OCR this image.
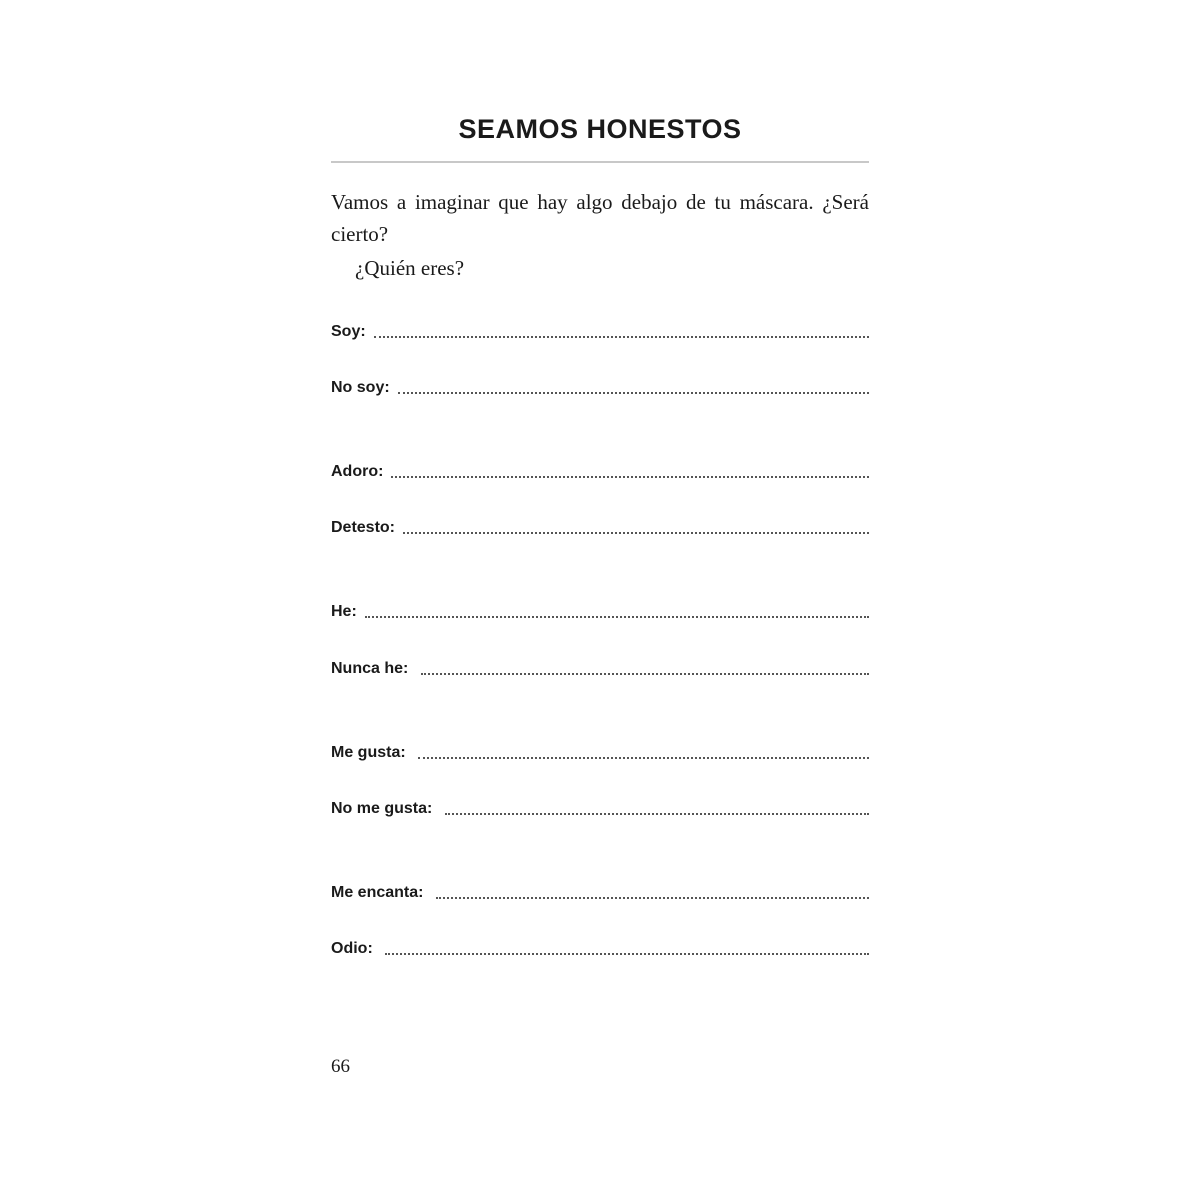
SEAMOS HONESTOS
Vamos a imaginar que hay algo debajo de tu máscara. ¿Será cierto?
¿Quién eres?
Soy:
No soy:
Adoro:
Detesto:
He:
Nunca he:
Me gusta:
No me gusta:
Me encanta:
Odio:
66
